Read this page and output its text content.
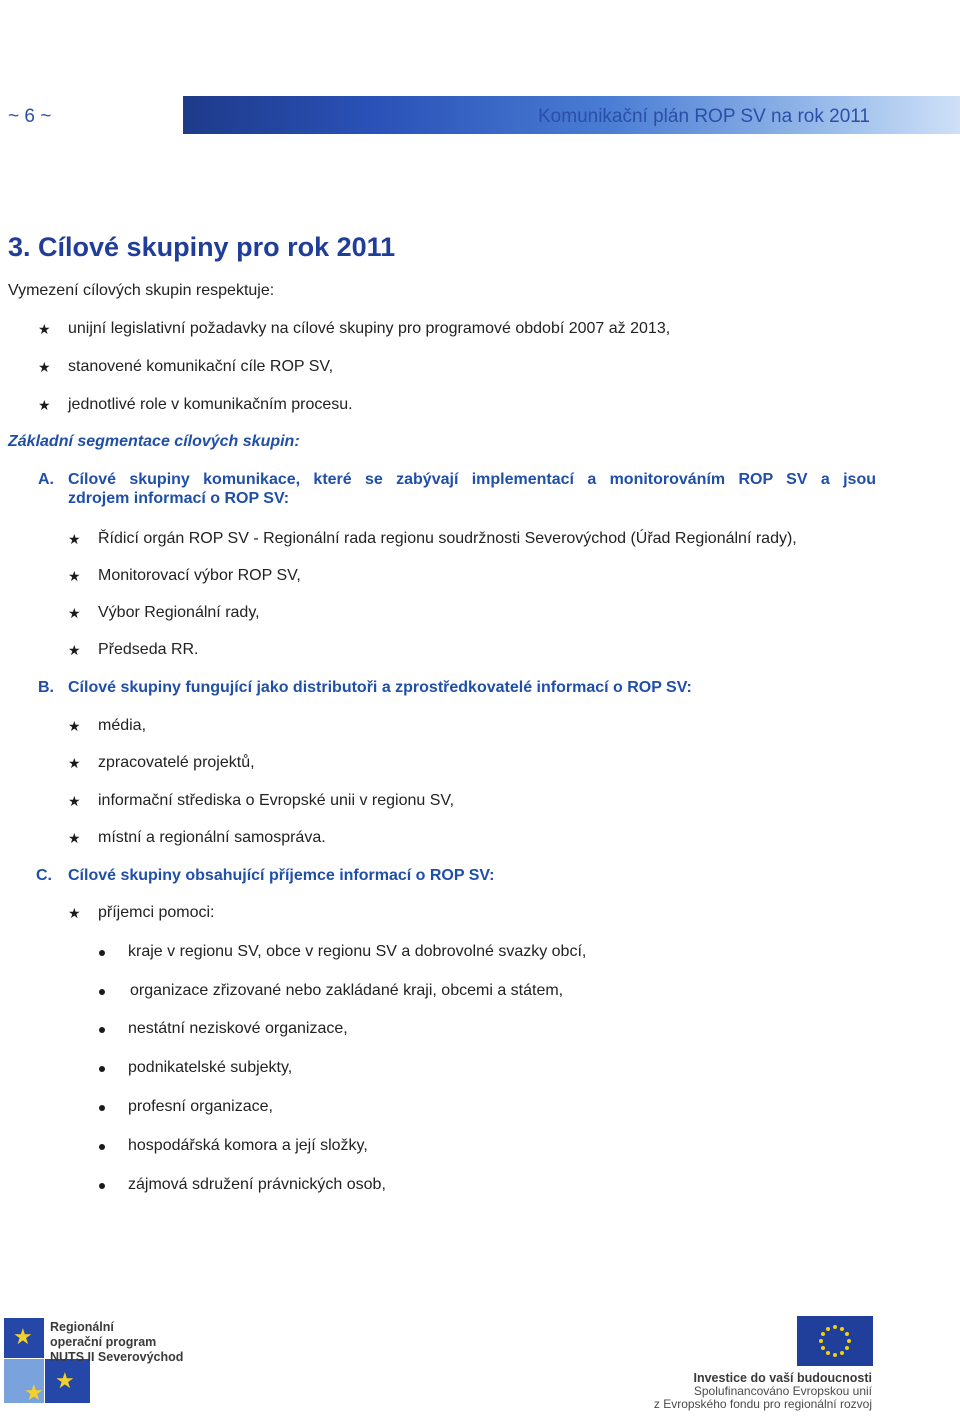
~ 6 ~	Komunikační plán ROP SV na rok 2011
3. Cílové skupiny pro rok 2011
Vymezení cílových skupin respektuje:
★ unijní legislativní požadavky na cílové skupiny pro programové období 2007 až 2013,
★ stanovené komunikační cíle ROP SV,
★ jednotlivé role v komunikačním procesu.
Základní segmentace cílových skupin:
A. Cílové skupiny komunikace, které se zabývají implementací a monitorováním ROP SV a jsou
zdrojem informací o ROP SV:
★ Řídicí orgán ROP SV - Regionální rada regionu soudržnosti Severovýchod (Úřad Regionální rady),
★ Monitorovací výbor ROP SV,
★ Výbor Regionální rady,
★ Předseda RR.
B. Cílové skupiny fungující jako distributoři a zprostředkovatelé informací o ROP SV:
★ média,
★ zpracovatelé projektů,
★ informační střediska o Evropské unii v regionu SV,
★ místní a regionální samospráva.
C. Cílové skupiny obsahující příjemce informací o ROP SV:
★ příjemci pomoci:
kraje v regionu SV, obce v regionu SV a dobrovolné svazky obcí,
organizace zřizované nebo zakládané kraji, obcemi a státem,
nestátní neziskové organizace,
podnikatelské subjekty,
profesní organizace,
hospodářská komora a její složky,
zájmová sdružení právnických osob,
★
★
★
Regionální
operační program
NUTS II Severovýchod
Investice do vaší budoucnosti
Spolufinancováno Evropskou unií
z Evropského fondu pro regionální rozvoj
